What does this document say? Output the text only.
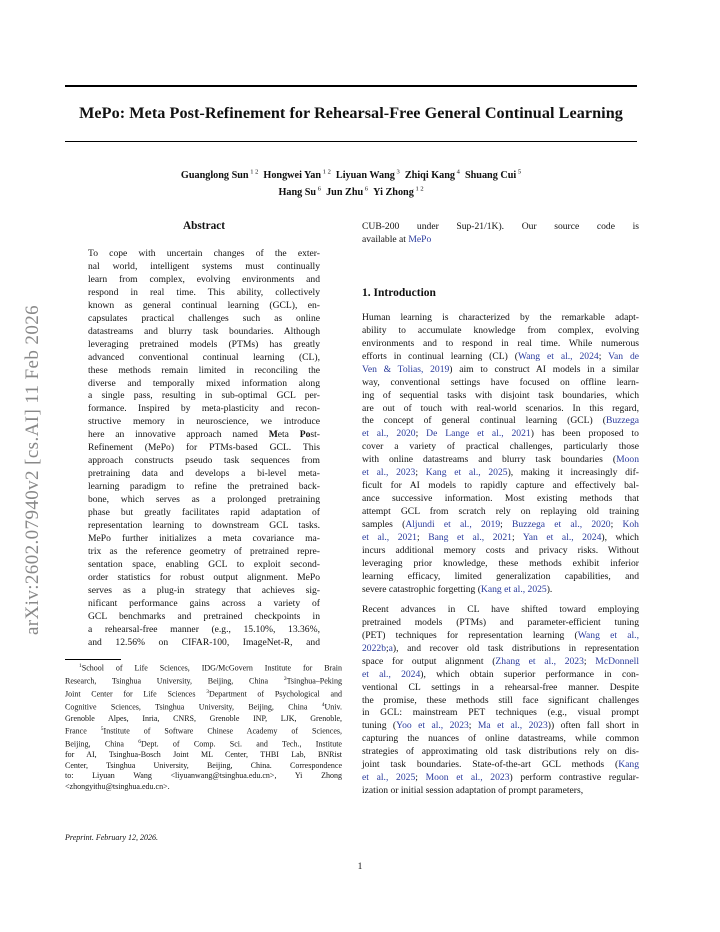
MePo: Meta Post-Refinement for Rehearsal-Free General Continual Learning
Guanglong Sun $^{1 2}$  Hongwei Yan $^{1 2}$  Liyuan Wang $^3$  Zhiqi Kang $^4$  Shuang Cui $^5$
Hang Su $^6$  Jun Zhu $^6$  Yi Zhong $^{1 2}$
arXiv:2602.07940v2 [cs.AI] 11 Feb 2026
Abstract
To cope with uncertain changes of the exter-
nal world, intelligent systems must continually
learn from complex, evolving environments and
respond in real time. This ability, collectively
known as general continual learning (GCL), en-
capsulates practical challenges such as online
datastreams and blurry task boundaries. Although
leveraging pretrained models (PTMs) has greatly
advanced conventional continual learning (CL),
these methods remain limited in reconciling the
diverse and temporally mixed information along
a single pass, resulting in sub-optimal GCL per-
formance. Inspired by meta-plasticity and recon-
structive memory in neuroscience, we introduce
here an innovative approach named Meta Post-
Refinement (MePo) for PTMs-based GCL. This
approach constructs pseudo task sequences from
pretraining data and develops a bi-level meta-
learning paradigm to refine the pretrained back-
bone, which serves as a prolonged pretraining
phase but greatly facilitates rapid adaptation of
representation learning to downstream GCL tasks.
MePo further initializes a meta covariance ma-
trix as the reference geometry of pretrained repre-
sentation space, enabling GCL to exploit second-
order statistics for robust output alignment. MePo
serves as a plug-in strategy that achieves sig-
nificant performance gains across a variety of
GCL benchmarks and pretrained checkpoints in
a rehearsal-free manner (e.g., 15.10%, 13.36%,
and 12.56% on CIFAR-100, ImageNet-R, and
CUB-200 under Sup-21/1K). Our source code is
available at MePo

1. Introduction

Human learning is characterized by the remarkable adapt-
ability to accumulate knowledge from complex, evolving
environments and to respond in real time. While numerous
efforts in continual learning (CL) (Wang et al., 2024; Van de
Ven & Tolias, 2019) aim to construct AI models in a similar
way, conventional settings have focused on offline learn-
ing of sequential tasks with disjoint task boundaries, which
are out of touch with real-world scenarios. In this regard,
the concept of general continual learning (GCL) (Buzzega
et al., 2020; De Lange et al., 2021) has been proposed to
cover a variety of practical challenges, particularly those
with online datastreams and blurry task boundaries (Moon
et al., 2023; Kang et al., 2025), making it increasingly dif-
ficult for AI models to rapidly capture and effectively bal-
ance successive information. Most existing methods that
attempt GCL from scratch rely on replaying old training
samples (Aljundi et al., 2019; Buzzega et al., 2020; Koh
et al., 2021; Bang et al., 2021; Yan et al., 2024), which
incurs additional memory costs and privacy risks. Without
leveraging prior knowledge, these methods exhibit inferior
learning efficacy, limited generalization capabilities, and
severe catastrophic forgetting (Kang et al., 2025).
Recent advances in CL have shifted toward employing
pretrained models (PTMs) and parameter-efficient tuning
(PET) techniques for representation learning (Wang et al.,
2022b;a), and recover old task distributions in representation
space for output alignment (Zhang et al., 2023; McDonnell
et al., 2024), which obtain superior performance in con-
ventional CL settings in a rehearsal-free manner. Despite
the promise, these methods still face significant challenges
in GCL: mainstream PET techniques (e.g., visual prompt
tuning (Yoo et al., 2023; Ma et al., 2023)) often fall short in
capturing the nuances of online datastreams, while common
strategies of approximating old task distributions rely on dis-
joint task boundaries. State-of-the-art GCL methods (Kang
et al., 2025; Moon et al., 2023) perform contrastive regular-
ization or initial session adaptation of prompt parameters,
$^1$School of Life Sciences, IDG/McGovern Institute for Brain
Research, Tsinghua University, Beijing, China $^2$Tsinghua–Peking
Joint Center for Life Sciences $^3$Department of Psychological and
Cognitive Sciences, Tsinghua University, Beijing, China $^4$Univ.
Grenoble Alpes, Inria, CNRS, Grenoble INP, LJK, Grenoble,
France $^5$Institute of Software Chinese Academy of Sciences,
Beijing, China $^6$Dept. of Comp. Sci. and Tech., Institute
for AI, Tsinghua-Bosch Joint ML Center, THBI Lab, BNRist
Center, Tsinghua University, Beijing, China. Correspondence
to: Liyuan Wang <liyuanwang@tsinghua.edu.cn>, Yi Zhong
<zhongyithu@tsinghua.edu.cn>.
Preprint. February 12, 2026.
1
